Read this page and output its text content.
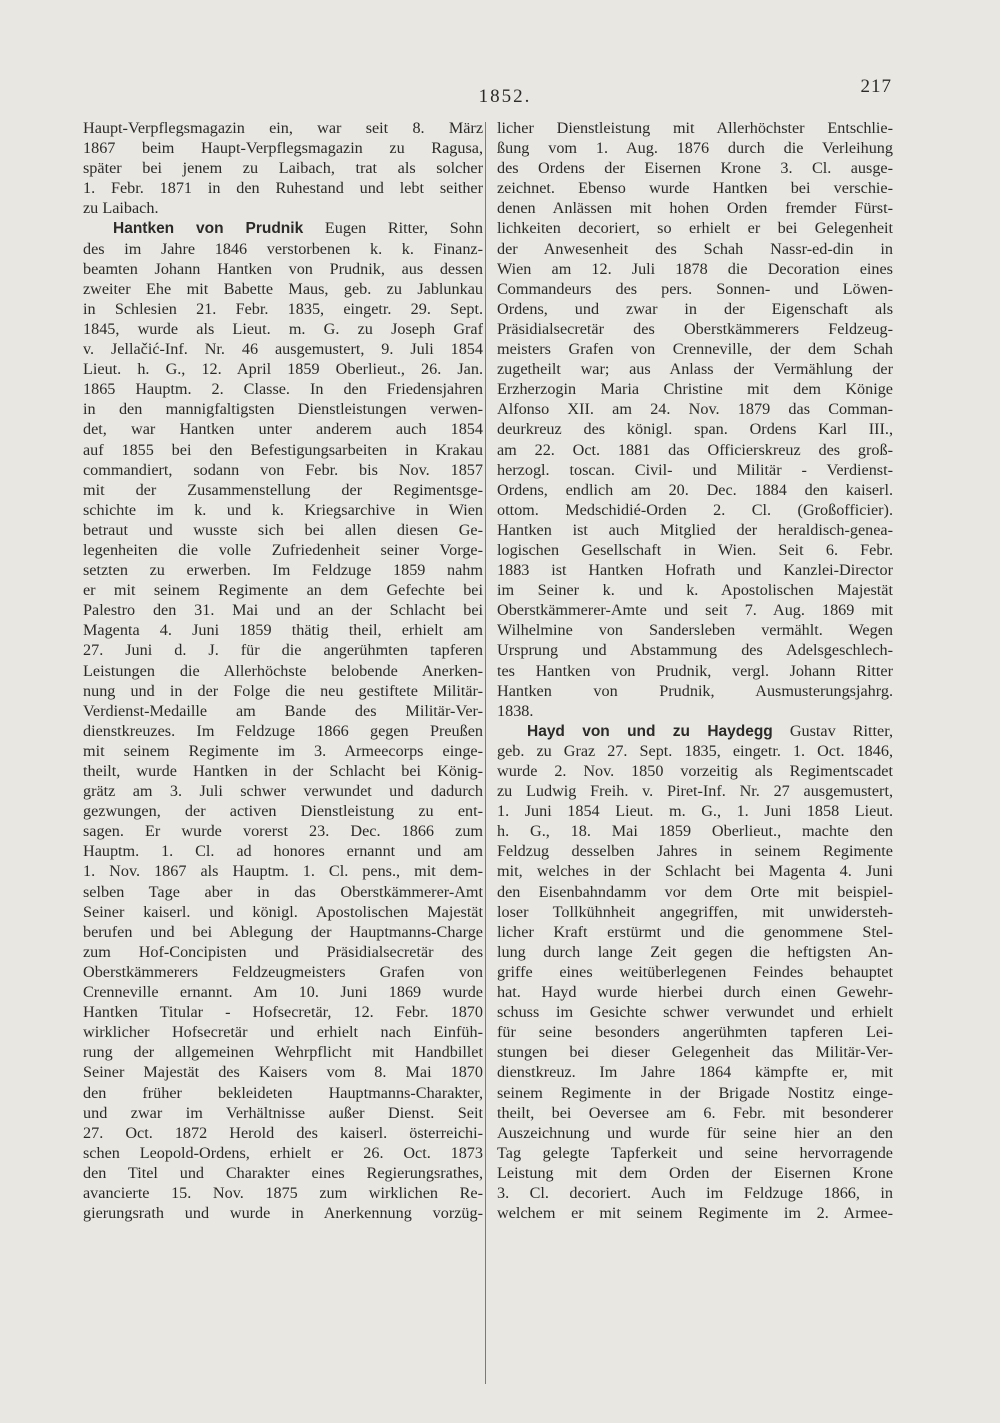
1852.	217
Haupt-Verpflegsmagazin ein, war seit 8. März
1867 beim Haupt-Verpflegsmagazin zu Ragusa,
später bei jenem zu Laibach, trat als solcher
1. Febr. 1871 in den Ruhestand und lebt seither
zu Laibach.
Hantken von Prudnik Eugen Ritter, Sohn
des im Jahre 1846 verstorbenen k. k. Finanz-
beamten Johann Hantken von Prudnik, aus dessen
zweiter Ehe mit Babette Maus, geb. zu Jablunkau
in Schlesien 21. Febr. 1835, eingetr. 29. Sept.
1845, wurde als Lieut. m. G. zu Joseph Graf
v. Jellačić-Inf. Nr. 46 ausgemustert, 9. Juli 1854
Lieut. h. G., 12. April 1859 Oberlieut., 26. Jan.
1865 Hauptm. 2. Classe. In den Friedensjahren
in den mannigfaltigsten Dienstleistungen verwen-
det, war Hantken unter anderem auch 1854
auf 1855 bei den Befestigungsarbeiten in Krakau
commandiert, sodann von Febr. bis Nov. 1857
mit der Zusammenstellung der Regimentsge-
schichte im k. und k. Kriegsarchive in Wien
betraut und wusste sich bei allen diesen Ge-
legenheiten die volle Zufriedenheit seiner Vorge-
setzten zu erwerben. Im Feldzuge 1859 nahm
er mit seinem Regimente an dem Gefechte bei
Palestro den 31. Mai und an der Schlacht bei
Magenta 4. Juni 1859 thätig theil, erhielt am
27. Juni d. J. für die angerühmten tapferen
Leistungen die Allerhöchste belobende Anerken-
nung und in der Folge die neu gestiftete Militär-
Verdienst-Medaille am Bande des Militär-Ver-
dienstkreuzes. Im Feldzuge 1866 gegen Preußen
mit seinem Regimente im 3. Armeecorps einge-
theilt, wurde Hantken in der Schlacht bei König-
grätz am 3. Juli schwer verwundet und dadurch
gezwungen, der activen Dienstleistung zu ent-
sagen. Er wurde vorerst 23. Dec. 1866 zum
Hauptm. 1. Cl. ad honores ernannt und am
1. Nov. 1867 als Hauptm. 1. Cl. pens., mit dem-
selben Tage aber in das Oberstkämmerer-Amt
Seiner kaiserl. und königl. Apostolischen Majestät
berufen und bei Ablegung der Hauptmanns-Charge
zum Hof-Concipisten und Präsidialsecretär des
Oberstkämmerers Feldzeugmeisters Grafen von
Crenneville ernannt. Am 10. Juni 1869 wurde
Hantken Titular - Hofsecretär, 12. Febr. 1870
wirklicher Hofsecretär und erhielt nach Einfüh-
rung der allgemeinen Wehrpflicht mit Handbillet
Seiner Majestät des Kaisers vom 8. Mai 1870
den früher bekleideten Hauptmanns-Charakter,
und zwar im Verhältnisse außer Dienst. Seit
27. Oct. 1872 Herold des kaiserl. österreichi-
schen Leopold-Ordens, erhielt er 26. Oct. 1873
den Titel und Charakter eines Regierungsrathes,
avancierte 15. Nov. 1875 zum wirklichen Re-
gierungsrath und wurde in Anerkennung vorzüg-
licher Dienstleistung mit Allerhöchster Entschlie-
ßung vom 1. Aug. 1876 durch die Verleihung
des Ordens der Eisernen Krone 3. Cl. ausge-
zeichnet. Ebenso wurde Hantken bei verschie-
denen Anlässen mit hohen Orden fremder Fürst-
lichkeiten decoriert, so erhielt er bei Gelegenheit
der Anwesenheit des Schah Nassr-ed-din in
Wien am 12. Juli 1878 die Decoration eines
Commandeurs des pers. Sonnen- und Löwen-
Ordens, und zwar in der Eigenschaft als
Präsidialsecretär des Oberstkämmerers Feldzeug-
meisters Grafen von Crenneville, der dem Schah
zugetheilt war; aus Anlass der Vermählung der
Erzherzogin Maria Christine mit dem Könige
Alfonso XII. am 24. Nov. 1879 das Comman-
deurkreuz des königl. span. Ordens Karl III.,
am 22. Oct. 1881 das Officierskreuz des groß-
herzogl. toscan. Civil- und Militär - Verdienst-
Ordens, endlich am 20. Dec. 1884 den kaiserl.
ottom. Medschidié-Orden 2. Cl. (Großofficier).
Hantken ist auch Mitglied der heraldisch-genea-
logischen Gesellschaft in Wien. Seit 6. Febr.
1883 ist Hantken Hofrath und Kanzlei-Director
im Seiner k. und k. Apostolischen Majestät
Oberstkämmerer-Amte und seit 7. Aug. 1869 mit
Wilhelmine von Sandersleben vermählt. Wegen
Ursprung und Abstammung des Adelsgeschlech-
tes Hantken von Prudnik, vergl. Johann Ritter
Hantken von Prudnik, Ausmusterungsjahrg.
1838.
Hayd von und zu Haydegg Gustav Ritter,
geb. zu Graz 27. Sept. 1835, eingetr. 1. Oct. 1846,
wurde 2. Nov. 1850 vorzeitig als Regimentscadet
zu Ludwig Freih. v. Piret-Inf. Nr. 27 ausgemustert,
1. Juni 1854 Lieut. m. G., 1. Juni 1858 Lieut.
h. G., 18. Mai 1859 Oberlieut., machte den
Feldzug desselben Jahres in seinem Regimente
mit, welches in der Schlacht bei Magenta 4. Juni
den Eisenbahndamm vor dem Orte mit beispiel-
loser Tollkühnheit angegriffen, mit unwidersteh-
licher Kraft erstürmt und die genommene Stel-
lung durch lange Zeit gegen die heftigsten An-
griffe eines weitüberlegenen Feindes behauptet
hat. Hayd wurde hierbei durch einen Gewehr-
schuss im Gesichte schwer verwundet und erhielt
für seine besonders angerühmten tapferen Lei-
stungen bei dieser Gelegenheit das Militär-Ver-
dienstkreuz. Im Jahre 1864 kämpfte er, mit
seinem Regimente in der Brigade Nostitz einge-
theilt, bei Oeversee am 6. Febr. mit besonderer
Auszeichnung und wurde für seine hier an den
Tag gelegte Tapferkeit und seine hervorragende
Leistung mit dem Orden der Eisernen Krone
3. Cl. decoriert. Auch im Feldzuge 1866, in
welchem er mit seinem Regimente im 2. Armee-
